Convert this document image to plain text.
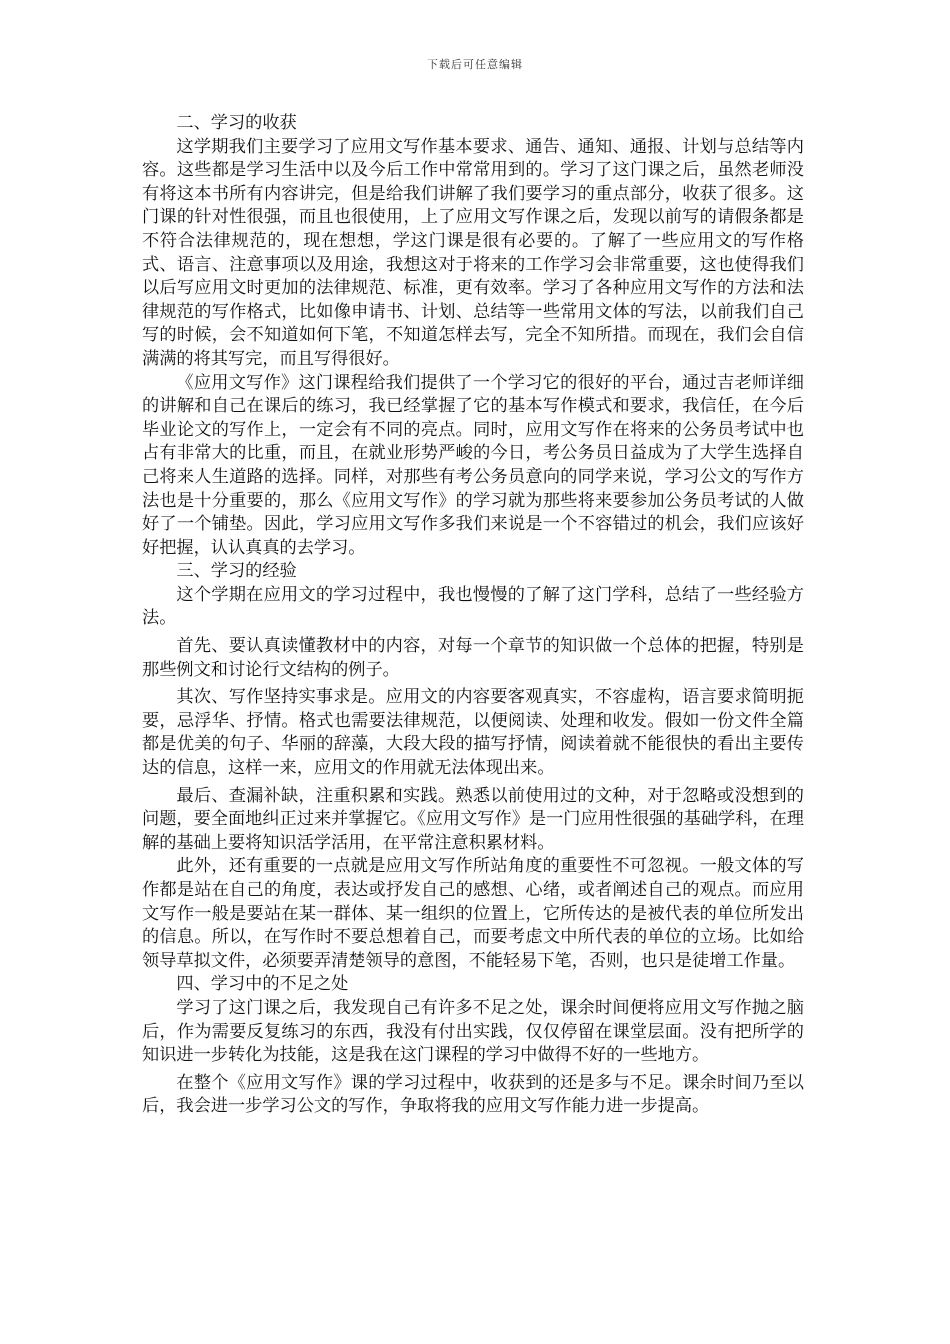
下载后可任意编辑

二、学习的收获

这学期我们主要学习了应用文写作基本要求、通告、通知、通报、计划与总结等内容。这些都是学习生活中以及今后工作中常常用到的。学习了这门课之后，虽然老师没有将这本书所有内容讲完，但是给我们讲解了我们要学习的重点部分，收获了很多。这门课的针对性很强，而且也很使用，上了应用文写作课之后，发现以前写的请假条都是不符合法律规范的，现在想想，学这门课是很有必要的。了解了一些应用文的写作格式、语言、注意事项以及用途，我想这对于将来的工作学习会非常重要，这也使得我们以后写应用文时更加的法律规范、标准，更有效率。学习了各种应用文写作的方法和法律规范的写作格式，比如像申请书、计划、总结等一些常用文体的写法，以前我们自己写的时候，会不知道如何下笔，不知道怎样去写，完全不知所措。而现在，我们会自信满满的将其写完，而且写得很好。

《应用文写作》这门课程给我们提供了一个学习它的很好的平台，通过吉老师详细的讲解和自己在课后的练习，我已经掌握了它的基本写作模式和要求，我信任，在今后毕业论文的写作上，一定会有不同的亮点。同时，应用文写作在将来的公务员考试中也占有非常大的比重，而且，在就业形势严峻的今日，考公务员日益成为了大学生选择自己将来人生道路的选择。同样，对那些有考公务员意向的同学来说，学习公文的写作方法也是十分重要的，那么《应用文写作》的学习就为那些将来要参加公务员考试的人做好了一个铺垫。因此，学习应用文写作多我们来说是一个不容错过的机会，我们应该好好把握，认认真真的去学习。

三、学习的经验

这个学期在应用文的学习过程中，我也慢慢的了解了这门学科，总结了一些经验方法。

首先、要认真读懂教材中的内容，对每一个章节的知识做一个总体的把握，特别是那些例文和讨论行文结构的例子。

其次、写作坚持实事求是。应用文的内容要客观真实，不容虚构，语言要求简明扼要，忌浮华、抒情。格式也需要法律规范，以便阅读、处理和收发。假如一份文件全篇都是优美的句子、华丽的辞藻，大段大段的描写抒情，阅读着就不能很快的看出主要传达的信息，这样一来，应用文的作用就无法体现出来。

最后、查漏补缺，注重积累和实践。熟悉以前使用过的文种，对于忽略或没想到的问题，要全面地纠正过来并掌握它。《应用文写作》是一门应用性很强的基础学科，在理解的基础上要将知识活学活用，在平常注意积累材料。

此外，还有重要的一点就是应用文写作所站角度的重要性不可忽视。一般文体的写作都是站在自己的角度，表达或抒发自己的感想、心绪，或者阐述自己的观点。而应用文写作一般是要站在某一群体、某一组织的位置上，它所传达的是被代表的单位所发出的信息。所以，在写作时不要总想着自己，而要考虑文中所代表的单位的立场。比如给领导草拟文件，必须要弄清楚领导的意图，不能轻易下笔，否则，也只是徒增工作量。

四、学习中的不足之处

学习了这门课之后，我发现自己有许多不足之处，课余时间便将应用文写作抛之脑后，作为需要反复练习的东西，我没有付出实践，仅仅停留在课堂层面。没有把所学的知识进一步转化为技能，这是我在这门课程的学习中做得不好的一些地方。

在整个《应用文写作》课的学习过程中，收获到的还是多与不足。课余时间乃至以后，我会进一步学习公文的写作，争取将我的应用文写作能力进一步提高。
